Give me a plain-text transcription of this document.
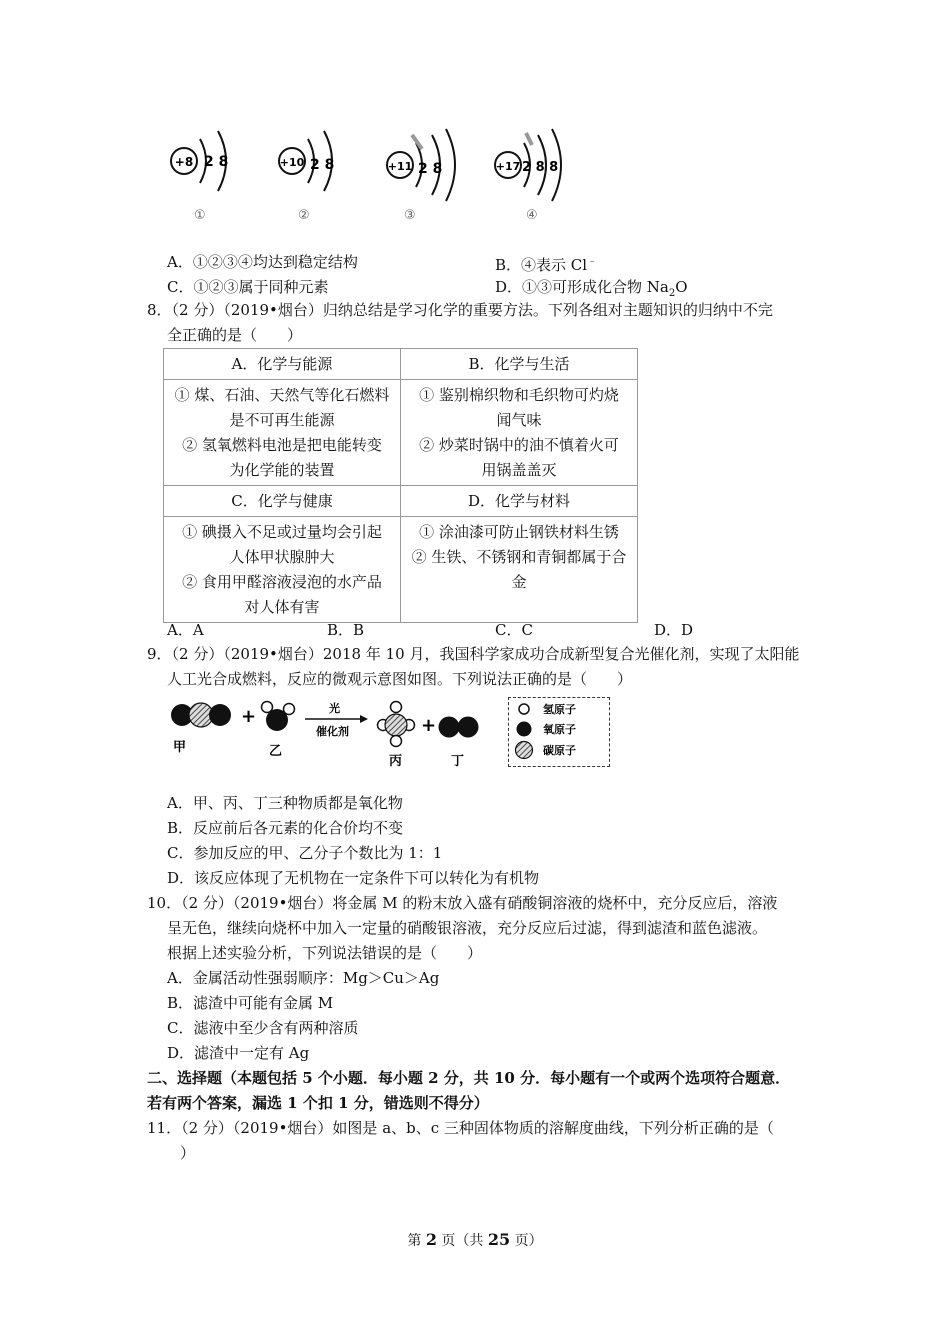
+8 2 8
①
+10 2 8
②
+11 2 8
③
+17 2 8 8
④
A．①②③④均达到稳定结构	B．④表示 Cl﹣
C．①②③属于同种元素	D．①③可形成化合物 $Na_2O$
8．（2 分）（2019•烟台）归纳总结是学习化学的重要方法。下列各组对主题知识的归纳中不完
全正确的是（　　）
A．化学与能源	B．化学与生活

① 煤、石油、天然气等化石燃料
是不可再生能源
② 氢氧燃料电池是把电能转变
为化学能的装置	① 鉴别棉织物和毛织物可灼烧
闻气味
② 炒菜时锅中的油不慎着火可
用锅盖盖灭

C．化学与健康	D．化学与材料

① 碘摄入不足或过量均会引起
人体甲状腺肿大
② 食用甲醛溶液浸泡的水产品
对人体有害	① 涂油漆可防止钢铁材料生锈
② 生铁、不锈钢和青铜都属于合
金
A．A	B．B	C．C	D．D
9．（2 分）（2019•烟台）2018 年 10 月，我国科学家成功合成新型复合光催化剂，实现了太阳能
人工光合成燃料，反应的微观示意图如图。下列说法正确的是（　　）
甲
+
乙
光
催化剂
丙
+
丁
氢原子
氧原子
碳原子
A．甲、丙、丁三种物质都是氧化物
B．反应前后各元素的化合价均不变
C．参加反应的甲、乙分子个数比为 1：1
D．该反应体现了无机物在一定条件下可以转化为有机物
10．（2 分）（2019•烟台）将金属 M 的粉末放入盛有硝酸铜溶液的烧杯中，充分反应后，溶液
呈无色，继续向烧杯中加入一定量的硝酸银溶液，充分反应后过滤，得到滤渣和蓝色滤液。
根据上述实验分析，下列说法错误的是（　　）
A．金属活动性强弱顺序：Mg＞Cu＞Ag
B．滤渣中可能有金属 M
C．滤液中至少含有两种溶质
D．滤渣中一定有 Ag
二、选择题（本题包括 5 个小题．每小题 2 分，共 10 分．每小题有一个或两个选项符合题意．
若有两个答案，漏选 1 个扣 1 分，错选则不得分）
11．（2 分）（2019•烟台）如图是 a、b、c 三种固体物质的溶解度曲线，下列分析正确的是（
）
第 2 页（共 25 页）
